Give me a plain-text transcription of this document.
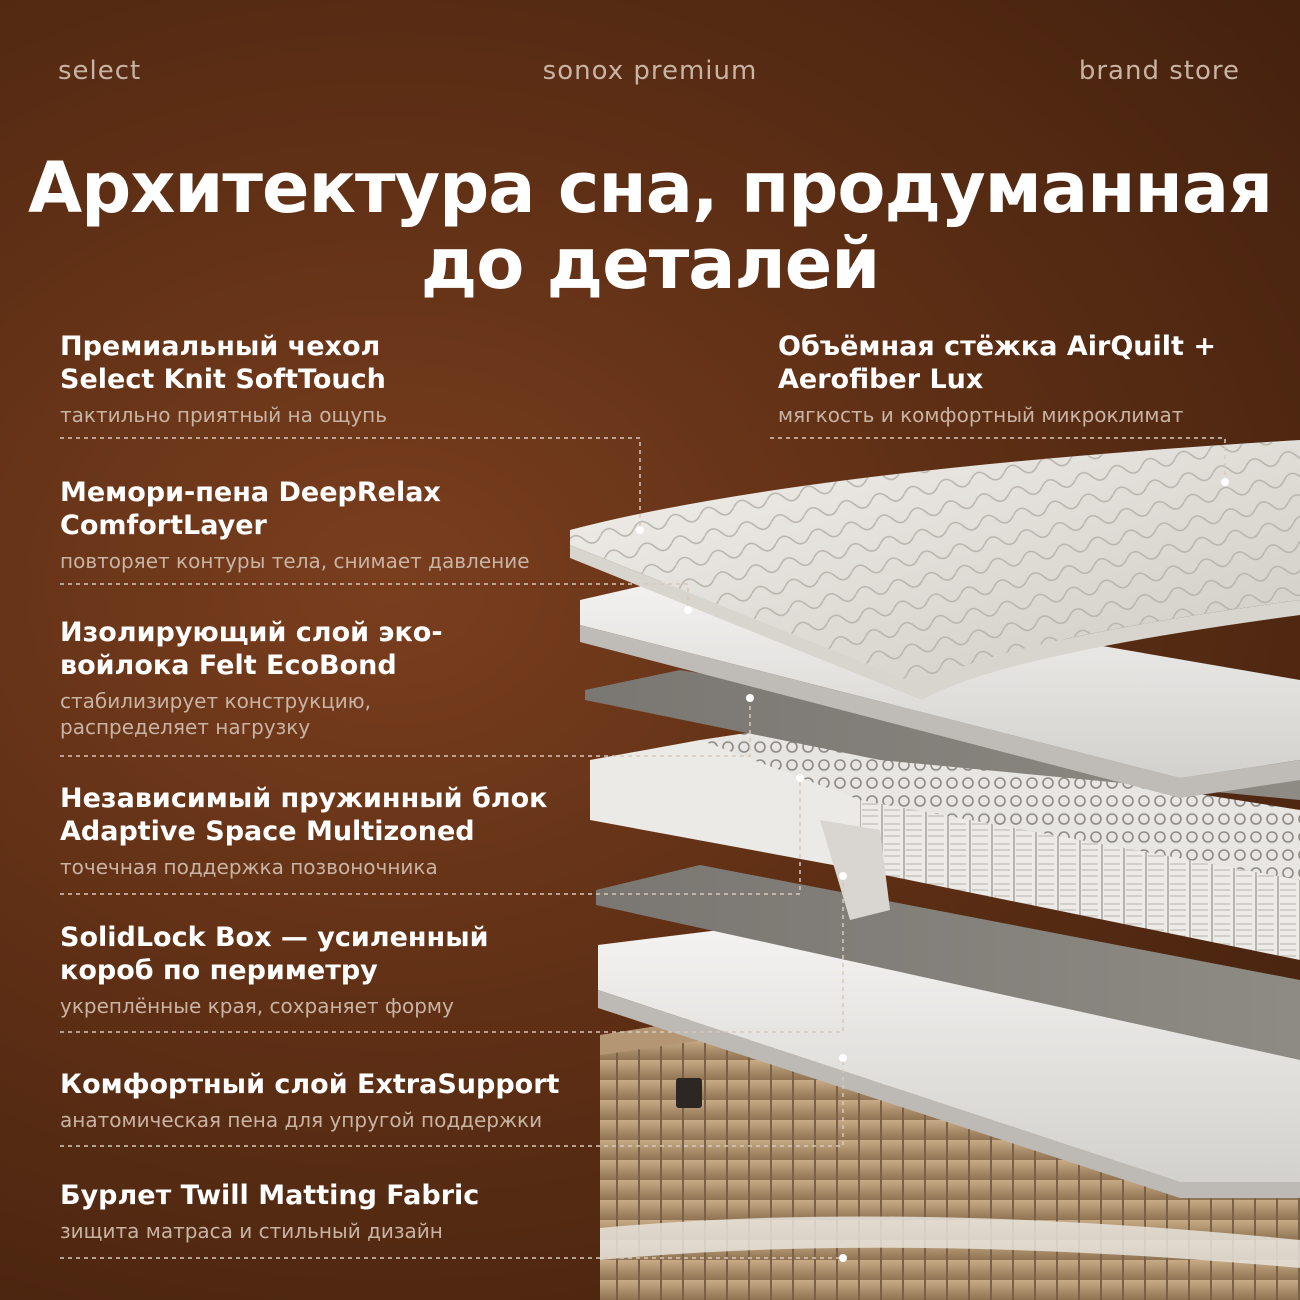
select	sonox premium	brand store
Архитектура сна, продуманная
до деталей
Премиальный чехол
Select Knit SoftTouch
тактильно приятный на ощупь
Мемори-пена DeepRelax
ComfortLayer
повторяет контуры тела, снимает давление
Изолирующий слой эко-
войлока Felt EcoBond
стабилизирует конструкцию,
распределяет нагрузку
Независимый пружинный блок
Adaptive Space Multizoned
точечная поддержка позвоночника
SolidLock Box — усиленный
короб по периметру
укреплённые края, сохраняет форму
Комфортный слой ExtraSupport
анатомическая пена для упругой поддержки
Бурлет Twill Matting Fabric
зищита матраса и стильный дизайн
Объёмная стёжка AirQuilt +
Aerofiber Lux
мягкость и комфортный микроклимат
